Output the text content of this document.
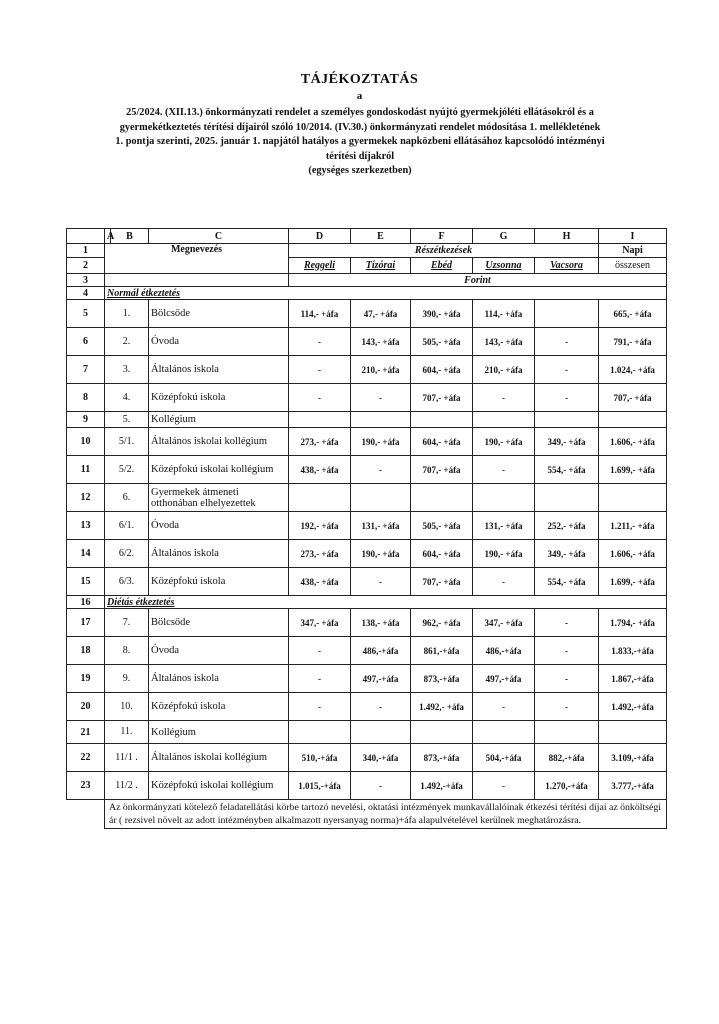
TÁJÉKOZTATÁS
a
25/2024. (XII.13.) önkormányzati rendelet a személyes gondoskodást nyújtó gyermekjóléti ellátásokról és a
gyermekétkeztetés térítési díjairól szóló 10/2014. (IV.30.) önkormányzati rendelet módosítása 1. mellékletének
1. pontja szerinti, 2025. január 1. napjától hatályos a gyermekek napközbeni ellátásához kapcsolódó intézményi
térítési díjakról
(egységes szerkezetben)
	A	B	C	D	E	F	G	H	I
1	Megnevezés			Részétkezések					Napi
2				Reggeli	Tízórai	Ebéd	Uzsonna	Vacsora	összesen
3				Forint					
4	Normál étkeztetés								
5	1.		Bölcsőde	114,- +áfa	47,- +áfa	390,- +áfa	114,- +áfa		665,- +áfa
6	2.		Óvoda	-	143,- +áfa	505,- +áfa	143,- +áfa	-	791,- +áfa
7	3.		Általános iskola	-	210,- +áfa	604,- +áfa	210,- +áfa	-	1.024,- +áfa
8	4.		Középfokú iskola	-	-	707,- +áfa	-	-	707,- +áfa
9	5.		Kollégium						
10	5/1.		Általános iskolai kollégium	273,- +áfa	190,- +áfa	604,- +áfa	190,- +áfa	349,- +áfa	1.606,- +áfa
11	5/2.		Középfokú iskolai kollégium	438,- +áfa	-	707,- +áfa	-	554,- +áfa	1.699,- +áfa
12	6.		Gyermekek átmeneti otthonában elhelyezettek						
13	6/1.		Óvoda	192,- +áfa	131,- +áfa	505,- +áfa	131,- +áfa	252,- +áfa	1.211,- +áfa
14	6/2.		Általános iskola	273,- +áfa	190,- +áfa	604,- +áfa	190,- +áfa	349,- +áfa	1.606,- +áfa
15	6/3.		Középfokú iskola	438,- +áfa	-	707,- +áfa	-	554,- +áfa	1.699,- +áfa
16	Diétás étkeztetés								
17	7.		Bölcsőde	347,- +áfa	138,- +áfa	962,- +áfa	347,- +áfa	-	1.794,- +áfa
18	8.		Óvoda	-	486,-+áfa	861,-+áfa	486,-+áfa	-	1.833,-+áfa
19	9.		Általános iskola	-	497,-+áfa	873,-+áfa	497,-+áfa	-	1.867,-+áfa
20	10.		Középfokú iskola	-	-	1.492,- +áfa	-	-	1.492,-+áfa
21	11.		Kollégium						
22	11/1 .		Általános iskolai kollégium	510,-+áfa	340,-+áfa	873,-+áfa	504,-+áfa	882,-+áfa	3.109,-+áfa
23	11/2 .		Középfokú iskolai kollégium	1.015,-+áfa	-	1.492,-+áfa	-	1.270,-+áfa	3.777,-+áfa
	Az önkormányzati kötelező feladatellátási körbe tartozó nevelési, oktatási intézmények munkavállalóinak étkezési térítési díjai az önköltségi ár ( rezsivel növelt az adott intézményben alkalmazott nyersanyag norma)+áfa alapulvételével kerülnek meghatározásra.								
